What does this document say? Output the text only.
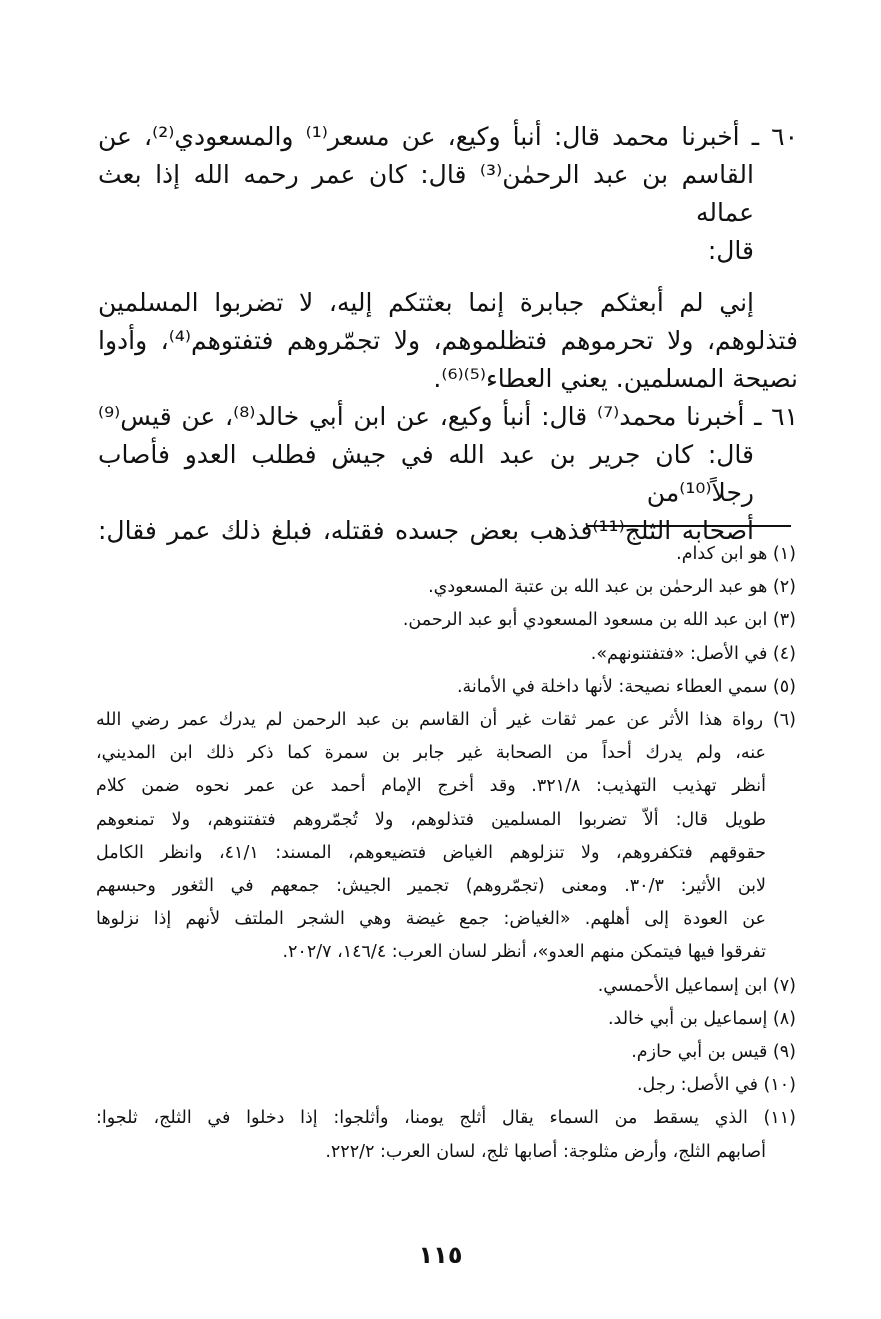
٦٠ ـ أخبرنا محمد قال: أنبأ وكيع، عن مسعر⁽¹⁾ والمسعودي⁽²⁾، عن
القاسم بن عبد الرحمٰن⁽³⁾ قال: كان عمر رحمه الله إذا بعث عماله
قال:
إني لم أبعثكم جبابرة إنما بعثتكم إليه، لا تضربوا المسلمين
فتذلوهم، ولا تحرموهم فتظلموهم، ولا تجمّروهم فتفتوهم⁽⁴⁾، وأدوا
نصيحة المسلمين. يعني العطاء⁽⁵⁾⁽⁶⁾.
٦١ ـ أخبرنا محمد⁽⁷⁾ قال: أنبأ وكيع، عن ابن أبي خالد⁽⁸⁾، عن قيس⁽⁹⁾
قال: كان جرير بن عبد الله في جيش فطلب العدو فأصاب رجلاً⁽¹⁰⁾من
أصحابه الثلج⁽¹¹⁾فذهب بعض جسده فقتله، فبلغ ذلك عمر فقال:
(١) هو ابن كدام.
(٢) هو عبد الرحمٰن بن عبد الله بن عتبة المسعودي.
(٣) ابن عبد الله بن مسعود المسعودي أبو عبد الرحمن.
(٤) في الأصل: «فتفتنونهم».
(٥) سمي العطاء نصيحة: لأنها داخلة في الأمانة.
(٦) رواة هذا الأثر عن عمر ثقات غير أن القاسم بن عبد الرحمن لم يدرك عمر رضي الله
عنه، ولم يدرك أحداً من الصحابة غير جابر بن سمرة كما ذكر ذلك ابن المديني،
أنظر تهذيب التهذيب: ٣٢١/٨. وقد أخرج الإمام أحمد عن عمر نحوه ضمن كلام
طويل قال: ألاّ تضربوا المسلمين فتذلوهم، ولا تُجمّروهم فتفتنوهم، ولا تمنعوهم
حقوقهم فتكفروهم، ولا تنزلوهم الغياض فتضيعوهم، المسند: ٤١/١، وانظر الكامل
لابن الأثير: ٣٠/٣. ومعنى (تجمّروهم) تجمير الجيش: جمعهم في الثغور وحبسهم
عن العودة إلى أهلهم. «الغياض: جمع غيضة وهي الشجر الملتف لأنهم إذا نزلوها
تفرقوا فيها فيتمكن منهم العدو»، أنظر لسان العرب: ١٤٦/٤، ٢٠٢/٧.
(٧) ابن إسماعيل الأحمسي.
(٨) إسماعيل بن أبي خالد.
(٩) قيس بن أبي حازم.
(١٠) في الأصل: رجل.
(١١) الذي يسقط من السماء يقال أثلج يومنا، وأثلجوا: إذا دخلوا في الثلج، ثلجوا:
أصابهم الثلج، وأرض مثلوجة: أصابها ثلج، لسان العرب: ٢٢٢/٢.
١١٥
